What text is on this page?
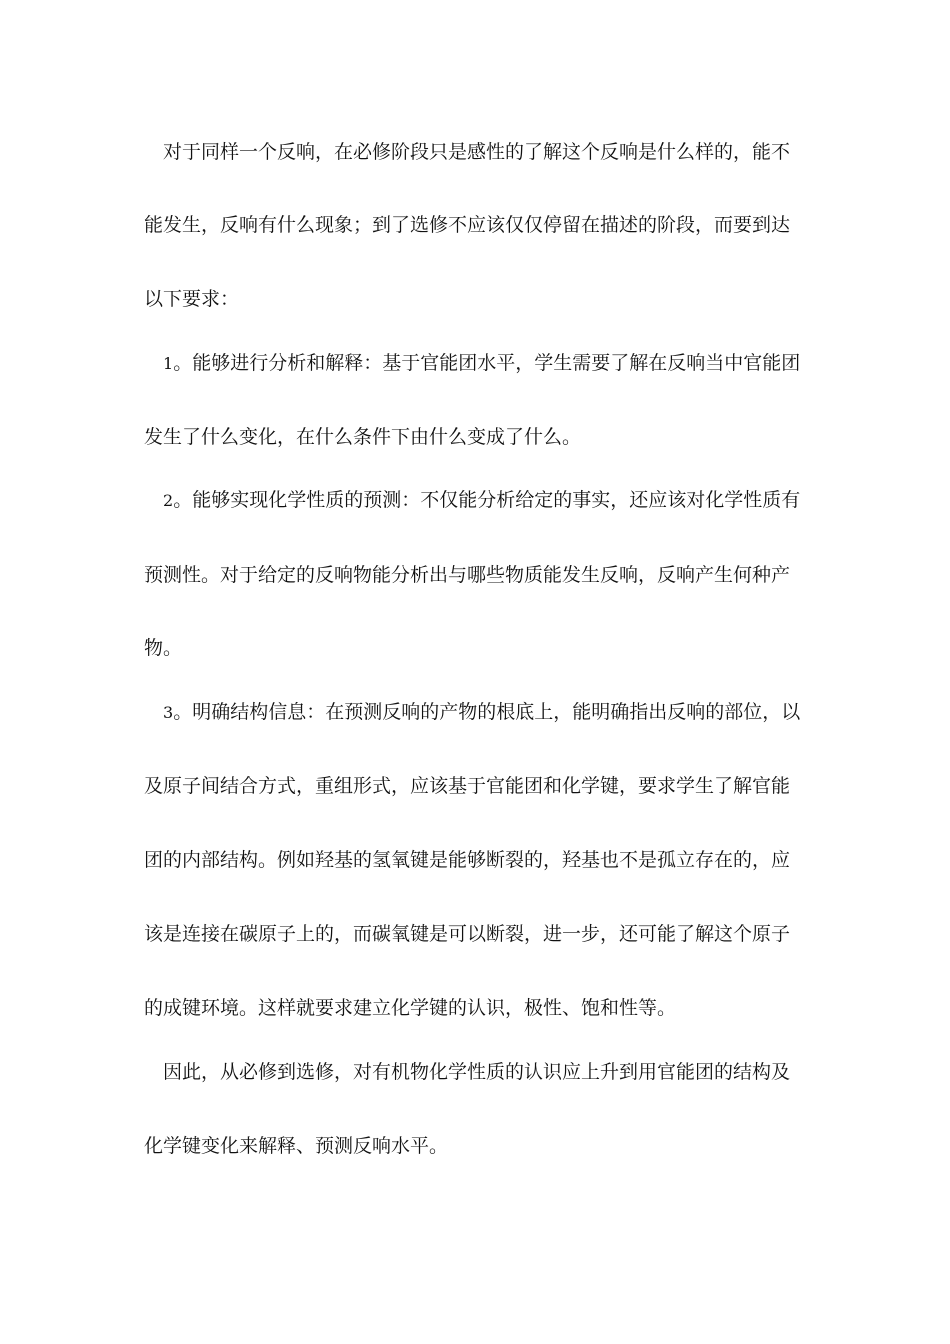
对于同样一个反响，在必修阶段只是感性的了解这个反响是什么样的，能不
能发生，反响有什么现象；到了选修不应该仅仅停留在描述的阶段，而要到达
以下要求：
1。能够进行分析和解释：基于官能团水平，学生需要了解在反响当中官能团
发生了什么变化，在什么条件下由什么变成了什么。
2。能够实现化学性质的预测：不仅能分析给定的事实，还应该对化学性质有
预测性。对于给定的反响物能分析出与哪些物质能发生反响，反响产生何种产
物。
3。明确结构信息：在预测反响的产物的根底上，能明确指出反响的部位，以
及原子间结合方式，重组形式，应该基于官能团和化学键，要求学生了解官能
团的内部结构。例如羟基的氢氧键是能够断裂的，羟基也不是孤立存在的，应
该是连接在碳原子上的，而碳氧键是可以断裂，进一步，还可能了解这个原子
的成键环境。这样就要求建立化学键的认识，极性、饱和性等。
因此，从必修到选修，对有机物化学性质的认识应上升到用官能团的结构及
化学键变化来解释、预测反响水平。
